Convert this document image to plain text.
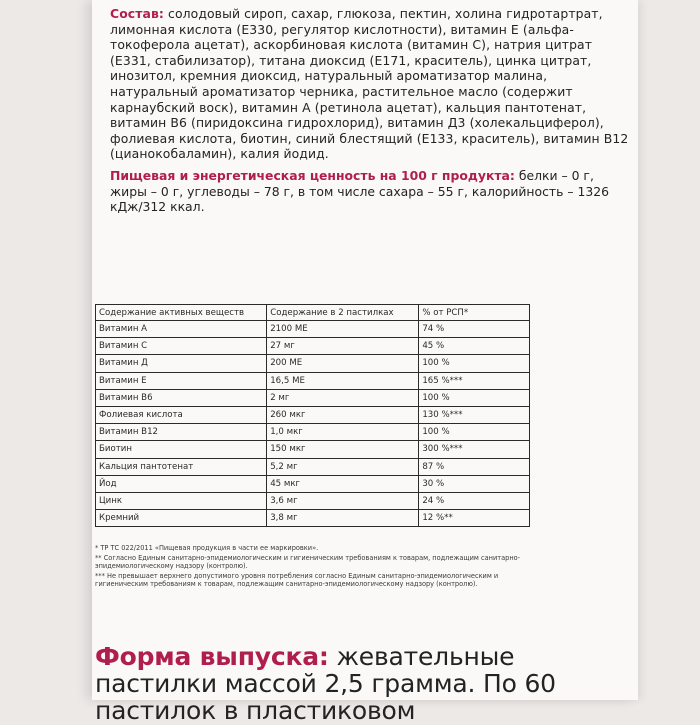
Состав: солодовый сироп, сахар, глюкоза, пектин, холина гидротартрат, лимонная кислота (Е330, регулятор кислотности), витамин Е (альфа-токоферола ацетат), аскорбиновая кислота (витамин С), натрия цитрат (Е331, стабилизатор), титана диоксид (Е171, краситель), цинка цитрат, инозитол, кремния диоксид, натуральный ароматизатор малина, натуральный ароматизатор черника, растительное масло (содержит карнаубский воск), витамин А (ретинола ацетат), кальция пантотенат, витамин В6 (пиридоксина гидрохлорид), витамин Д3 (холекальциферол), фолиевая кислота, биотин, синий блестящий (Е133, краситель), витамин В12 (цианокобаламин), калия йодид.

Пищевая и энергетическая ценность на 100 г продукта: белки – 0 г, жиры – 0 г, углеводы – 78 г, в том числе сахара – 55 г, калорийность – 1326 кДж/312 ккал.

Содержание активных веществ	Содержание в 2 пастилках	% от РСП*
Витамин А	2100 МЕ	74 %
Витамин С	27 мг	45 %
Витамин Д	200 МЕ	100 %
Витамин Е	16,5 МЕ	165 %***
Витамин В6	2 мг	100 %
Фолиевая кислота	260 мкг	130 %***
Витамин В12	1,0 мкг	100 %
Биотин	150 мкг	300 %***
Кальция пантотенат	5,2 мг	87 %
Йод	45 мкг	30 %
Цинк	3,6 мг	24 %
Кремний	3,8 мг	12 %**

* ТР ТС 022/2011 «Пищевая продукция в части ее маркировки».

** Согласно Единым санитарно-эпидемиологическим и гигиеническим требованиям к товарам, подлежащим санитарно-эпидемиологическому надзору (контролю).

*** Не превышает верхнего допустимого уровня потребления согласно Единым санитарно-эпидемиологическим и гигиеническим требованиям к товарам, подлежащим санитарно-эпидемиологическому надзору (контролю).

Форма выпуска: жевательные пастилки массой 2,5 грамма. По 60 пастилок в пластиковом
